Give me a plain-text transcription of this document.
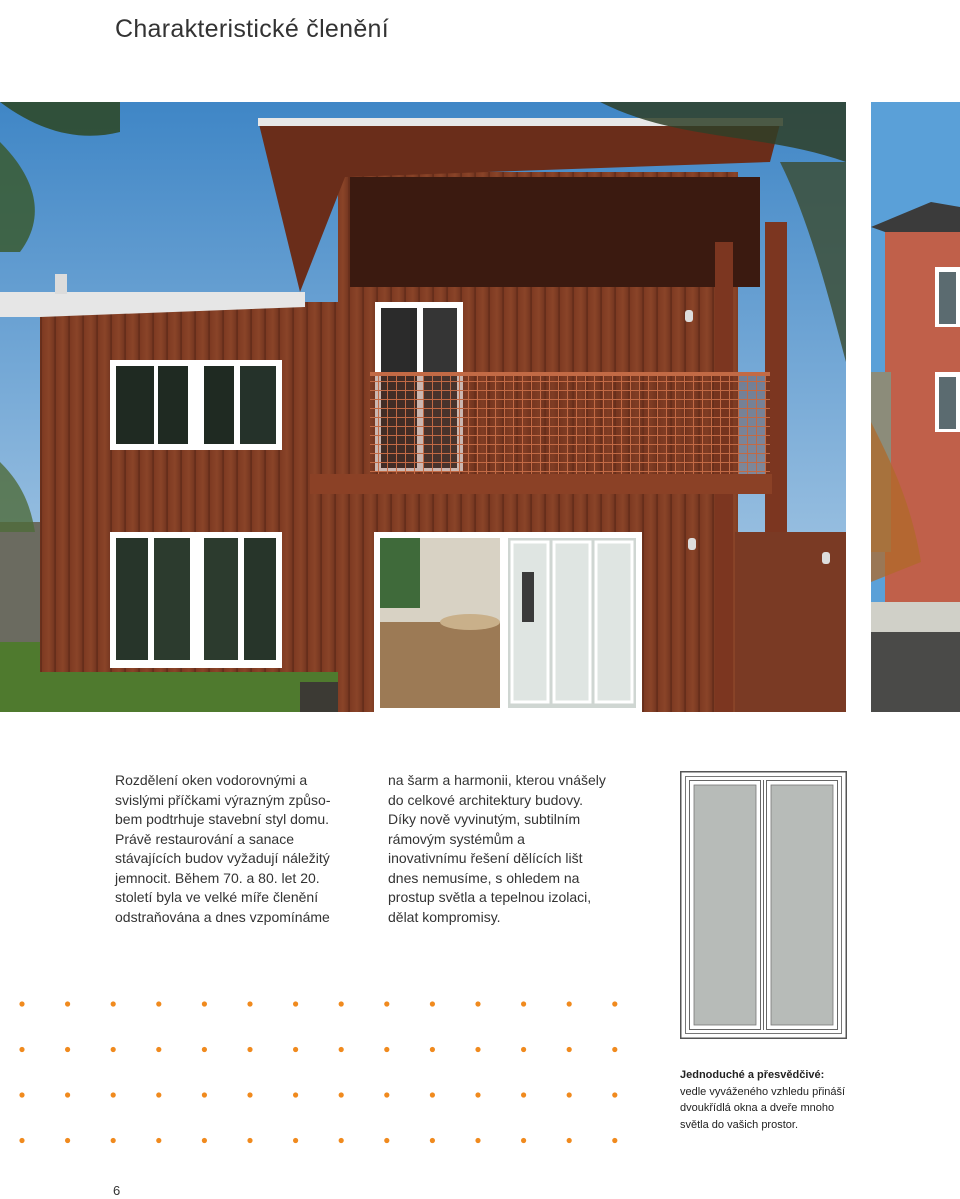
Charakteristické členění
Rozdělení oken vodorovnými a
svislými příčkami výrazným způso-
bem podtrhuje stavební styl domu.
Právě restaurování a sanace
stávajících budov vyžadují náležitý
jemnocit. Během 70. a 80. let 20.
století byla ve velké míře členění
odstraňována a dnes vzpomínáme
na šarm a harmonii, kterou vnášely
do celkové architektury budovy.
Díky nově vyvinutým, subtilním
rámovým systémům a
inovativnímu řešení dělících lišt
dnes nemusíme, s ohledem na
prostup světla a tepelnou izolaci,
dělat kompromisy.
Jednoduché a přesvědčivé:
vedle vyváženého vzhledu přináší
dvoukřídlá okna a dveře mnoho
světla do vašich prostor.
6
